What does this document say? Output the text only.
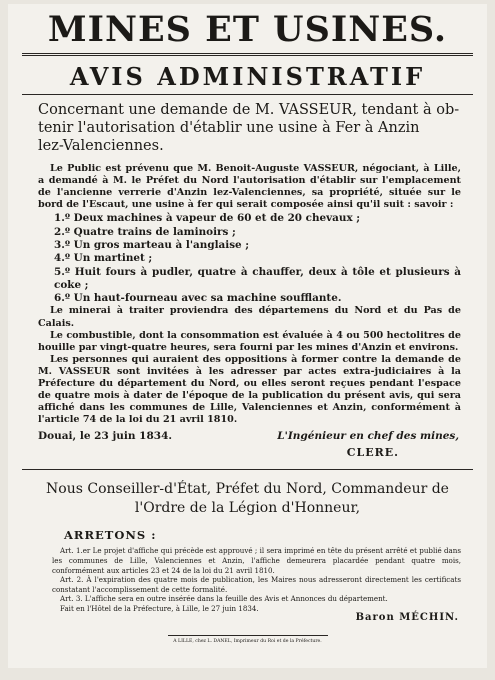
MINES ET USINES.
AVIS ADMINISTRATIF
Concernant une demande de M. VASSEUR, tendant à ob-
tenir l'autorisation d'établir une usine à Fer à Anzin
lez-Valenciennes.

Le Public est prévenu que M. Benoit-Auguste VASSEUR, négociant, à Lille, a demandé à M. le Préfet du Nord l'autorisation d'établir sur l'emplacement de l'ancienne verrerie d'Anzin lez-Valenciennes, sa propriété, située sur le bord de l'Escaut, une usine à fer qui serait composée ainsi qu'il suit : savoir :

1.º Deux machines à vapeur de 60 et de 20 chevaux ;
2.º Quatre trains de laminoirs ;
3.º Un gros marteau à l'anglaise ;
4.º Un martinet ;
5.º Huit fours à pudler, quatre à chauffer, deux à tôle et plusieurs à coke ;
6.º Un haut-fourneau avec sa machine soufflante.

Le minerai à traiter proviendra des départemens du Nord et du Pas de Calais.

Le combustible, dont la consommation est évaluée à 4 ou 500 hectolitres de houille par vingt-quatre heures, sera fourni par les mines d'Anzin et environs.

Les personnes qui auraient des oppositions à former contre la demande de M. VASSEUR sont invitées à les adresser par actes extra-judiciaires à la Préfecture du département du Nord, ou elles seront reçues pendant l'espace de quatre mois à dater de l'époque de la publication du présent avis, qui sera affiché dans les communes de Lille, Valenciennes et Anzin, conformément à l'article 74 de la loi du 21 avril 1810.

Douai, le 23 juin 1834.	L'Ingénieur en chef des mines,
CLERE.
Nous Conseiller-d'État, Préfet du Nord, Commandeur de
l'Ordre de la Légion d'Honneur,
ARRETONS :

Art. 1.er Le projet d'affiche qui précède est approuvé ; il sera imprimé en tête du présent arrêté et publié dans les communes de Lille, Valenciennes et Anzin, l'affiche demeurera placardée pendant quatre mois, conformément aux articles 23 et 24 de la loi du 21 avril 1810.

Art. 2. À l'expiration des quatre mois de publication, les Maires nous adresseront directement les certificats constatant l'accomplissement de cette formalité.

Art. 3. L'affiche sera en outre insérée dans la feuille des Avis et Annonces du département.

Fait en l'Hôtel de la Préfecture, à Lille, le 27 juin 1834.

Baron MÉCHIN.
A LILLE, chez L. DANEL, Imprimeur du Roi et de la Préfecture.
